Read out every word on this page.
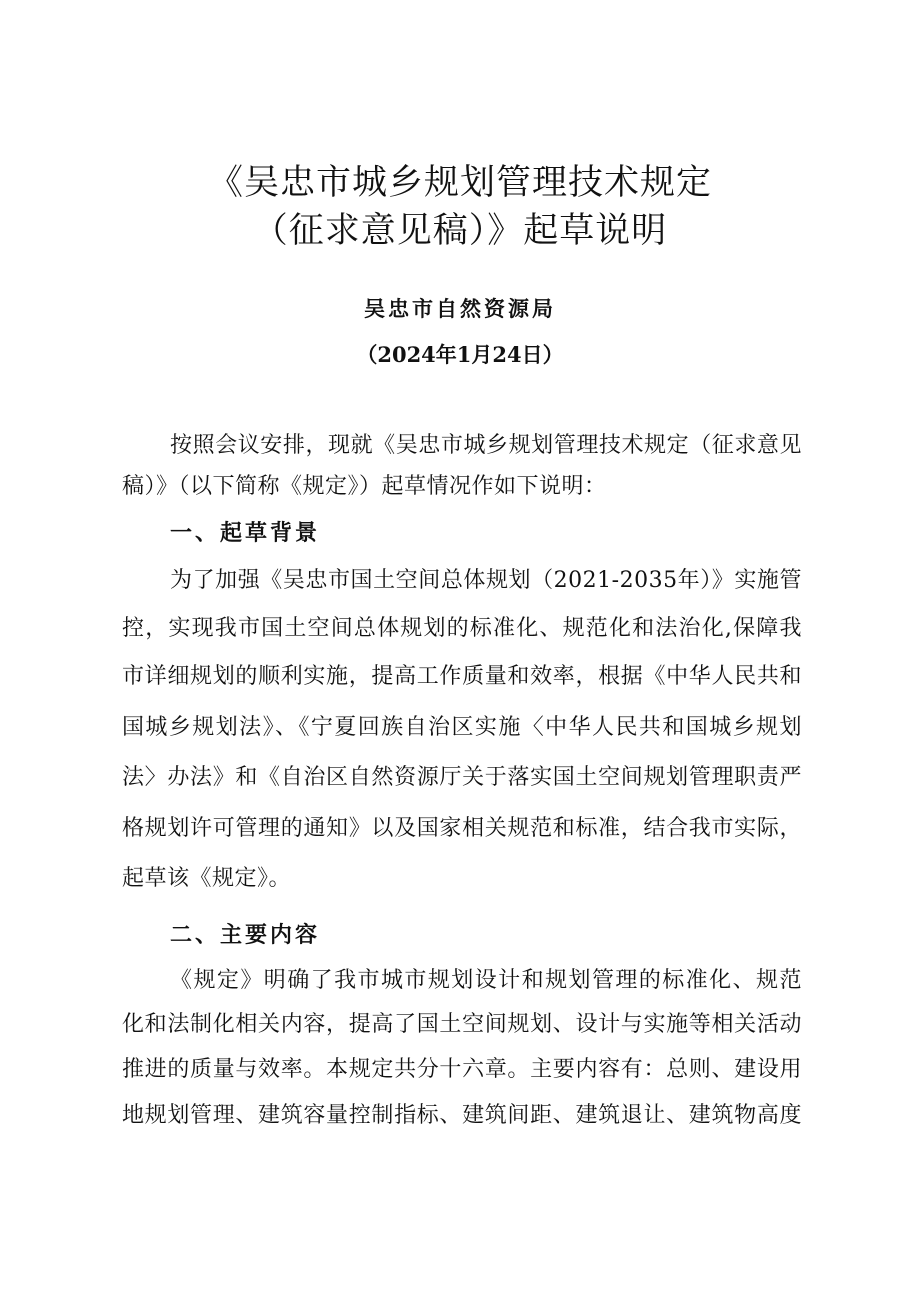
《吴忠市城乡规划管理技术规定
（征求意见稿）》起草说明
吴忠市自然资源局
（2024年1月24日）
按照会议安排，现就《吴忠市城乡规划管理技术规定（征求意见
稿）》（以下简称《规定》）起草情况作如下说明：
一、起草背景
为了加强《吴忠市国土空间总体规划（2021-2035年）》实施管
控，实现我市国土空间总体规划的标准化、规范化和法治化,保障我
市详细规划的顺利实施，提高工作质量和效率，根据《中华人民共和
国城乡规划法》、《宁夏回族自治区实施〈中华人民共和国城乡规划
法〉办法》和《自治区自然资源厅关于落实国土空间规划管理职责严
格规划许可管理的通知》以及国家相关规范和标准，结合我市实际，
起草该《规定》。
二、主要内容
《规定》明确了我市城市规划设计和规划管理的标准化、规范
化和法制化相关内容，提高了国土空间规划、设计与实施等相关活动
推进的质量与效率。本规定共分十六章。主要内容有：总则、建设用
地规划管理、建筑容量控制指标、建筑间距、建筑退让、建筑物高度
